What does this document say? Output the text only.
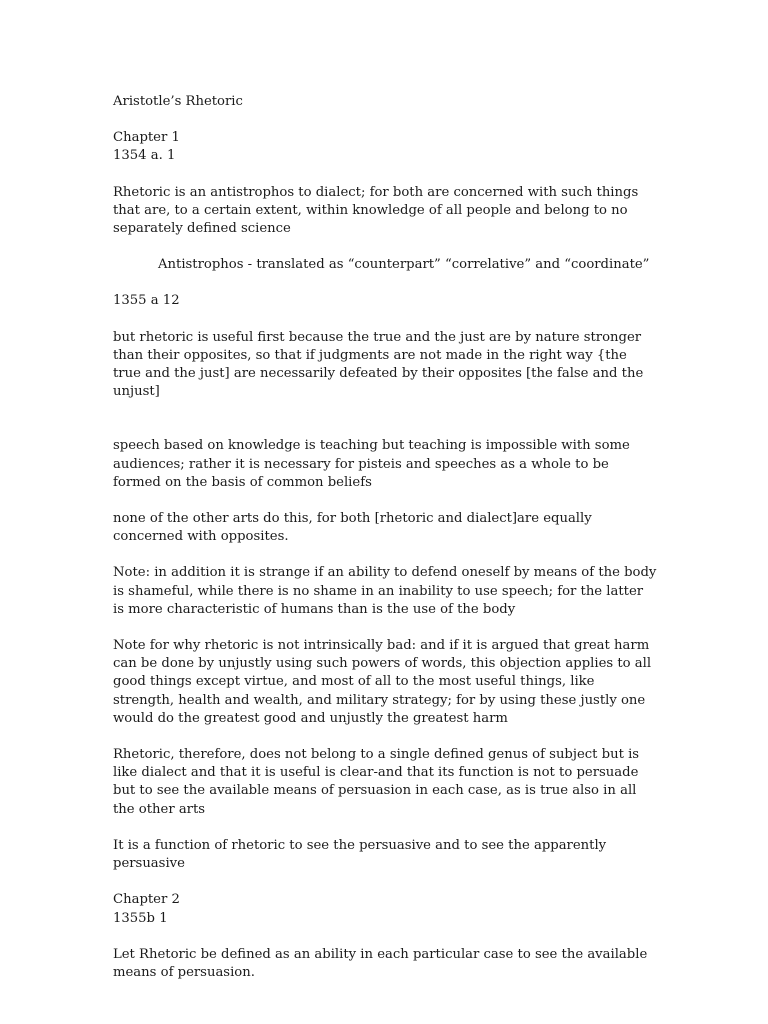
Aristotle’s Rhetoric

Chapter 1

1354 a. 1

Rhetoric is an antistrophos to dialect; for both are concerned with such things that are, to a certain extent, within knowledge of all people and belong to no separately defined science

Antistrophos - translated as “counterpart” “correlative” and “coordinate”

1355 a 12

but rhetoric is useful first because the true and the just are by nature stronger than their opposites, so that if judgments are not made in the right way {the true and the just] are necessarily defeated by their opposites [the false and the unjust]

speech based on knowledge is teaching but teaching is impossible with some audiences; rather it is necessary for pisteis and speeches as a whole to be formed on the basis of common beliefs

none of the other arts do this, for both [rhetoric and dialect]are equally concerned with opposites.

Note: in addition it is strange if an ability to defend oneself by means of the body is shameful, while there is no shame in an inability to use speech; for the latter is more characteristic of humans than is the use of the body

Note for why rhetoric is not intrinsically bad: and if it is argued that great harm can be done by unjustly using such powers of words, this objection applies to all good things except virtue, and most of all to the most useful things, like strength, health and wealth, and military strategy; for by using these justly one would do the greatest good and unjustly the greatest harm

Rhetoric, therefore, does not belong to a single defined genus of subject but is like dialect and that it is useful is clear-and that its function is not to persuade but to see the available means of persuasion in each case, as is true also in all the other arts

It is a function of rhetoric to see the persuasive and to see the apparently persuasive

Chapter 2

1355b 1

Let Rhetoric be defined as an ability in each particular case to see the available means of persuasion.
